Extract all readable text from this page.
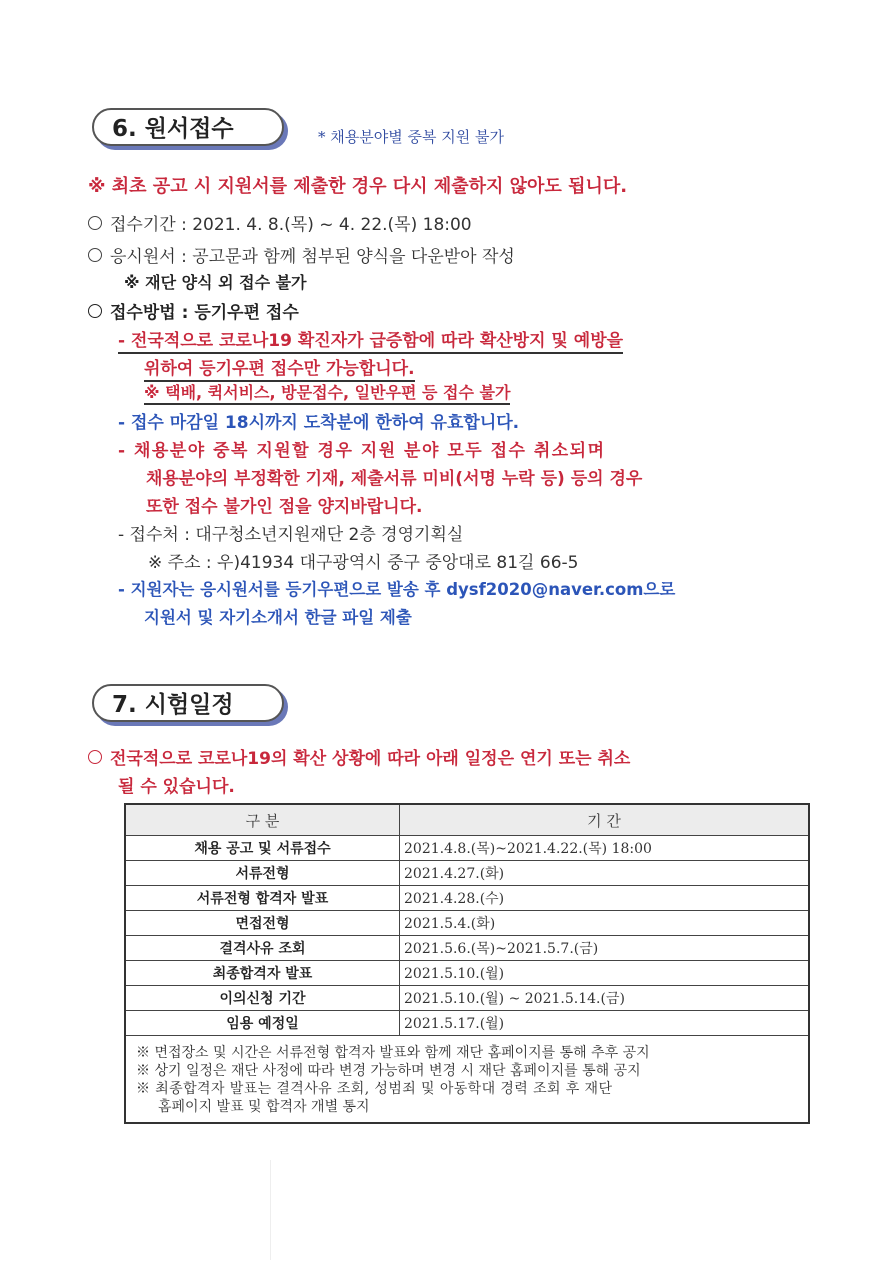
6. 원서접수	* 채용분야별 중복 지원 불가
※ 최초 공고 시 지원서를 제출한 경우 다시 제출하지 않아도 됩니다.
접수기간 : 2021. 4. 8.(목) ~ 4. 22.(목) 18:00
응시원서 : 공고문과 함께 첨부된 양식을 다운받아 작성
※ 재단 양식 외 접수 불가
접수방법 : 등기우편 접수
- 전국적으로 코로나19 확진자가 급증함에 따라 확산방지 및 예방을
위하여 등기우편 접수만 가능합니다.
※ 택배, 퀵서비스, 방문접수, 일반우편 등 접수 불가
- 접수 마감일 18시까지 도착분에 한하여 유효합니다.
- 채용분야 중복 지원할 경우 지원 분야 모두 접수 취소되며
채용분야의 부정확한 기재, 제출서류 미비(서명 누락 등) 등의 경우
또한 접수 불가인 점을 양지바랍니다.
- 접수처 : 대구청소년지원재단 2층 경영기획실
※ 주소 : 우)41934 대구광역시 중구 중앙대로 81길 66-5
- 지원자는 응시원서를 등기우편으로 발송 후 dysf2020@naver.com으로
지원서 및 자기소개서 한글 파일 제출
7. 시험일정
전국적으로 코로나19의 확산 상황에 따라 아래 일정은 연기 또는 취소
될 수 있습니다.
구 분	기 간
채용 공고 및 서류접수	2021.4.8.(목)~2021.4.22.(목) 18:00
서류전형	2021.4.27.(화)
서류전형 합격자 발표	2021.4.28.(수)
면접전형	2021.5.4.(화)
결격사유 조회	2021.5.6.(목)~2021.5.7.(금)
최종합격자 발표	2021.5.10.(월)
이의신청 기간	2021.5.10.(월) ~ 2021.5.14.(금)
임용 예정일	2021.5.17.(월)

※ 면접장소 및 시간은 서류전형 합격자 발표와 함께 재단 홈페이지를 통해 추후 공지
※ 상기 일정은 재단 사정에 따라 변경 가능하며 변경 시 재단 홈페이지를 통해 공지
※ 최종합격자 발표는 결격사유 조회, 성범죄 및 아동학대 경력 조회 후 재단
홈페이지 발표 및 합격자 개별 통지	
